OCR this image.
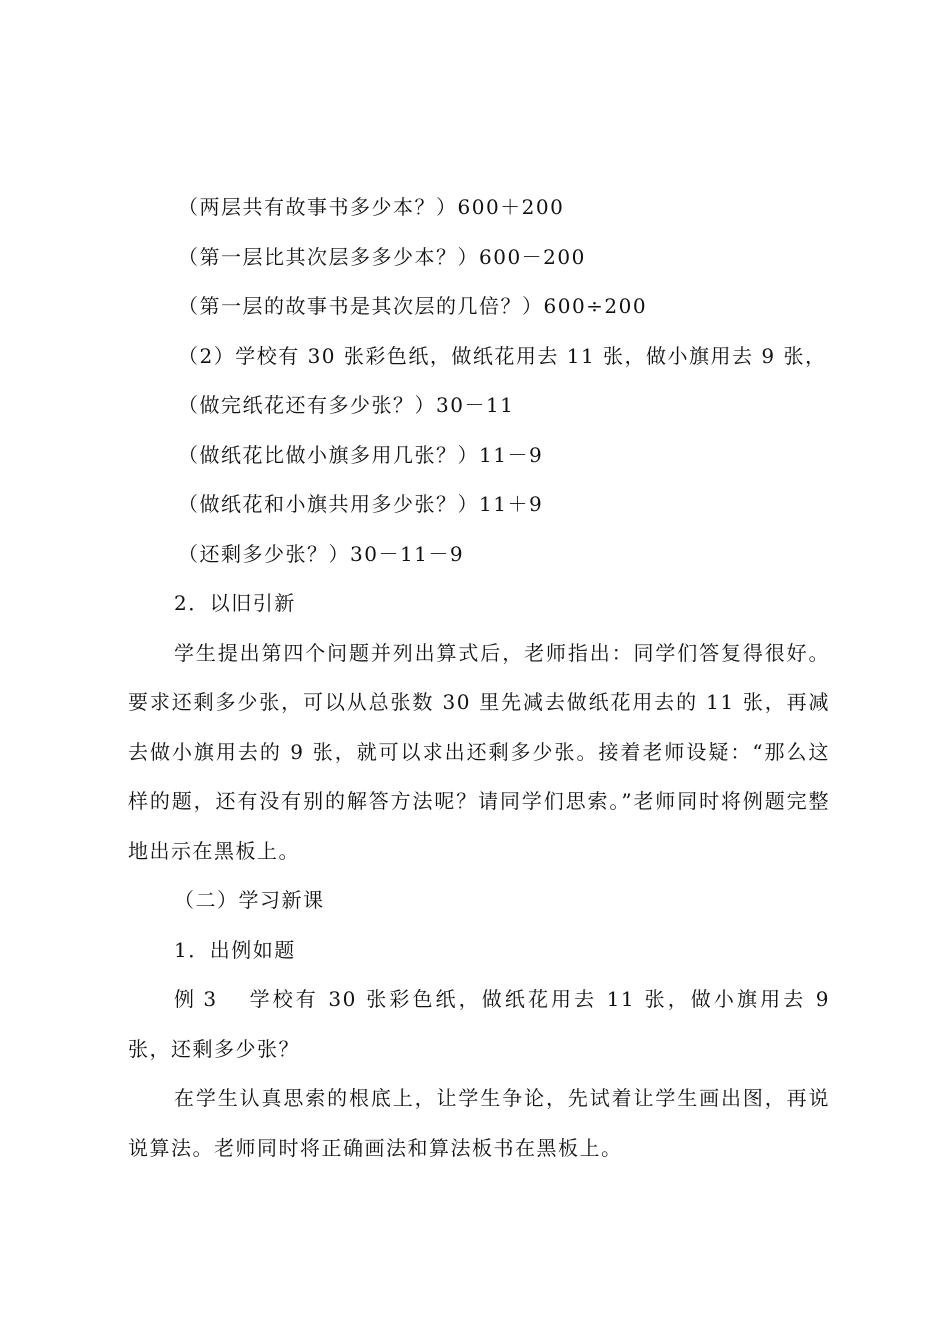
（两层共有故事书多少本？）600＋200
（第一层比其次层多多少本？）600－200
（第一层的故事书是其次层的几倍？）600÷200
（2）学校有 30 张彩色纸，做纸花用去 11 张，做小旗用去 9 张，
（做完纸花还有多少张？）30－11
（做纸花比做小旗多用几张？）11－9
（做纸花和小旗共用多少张？）11＋9
（还剩多少张？）30－11－9
2．以旧引新

学生提出第四个问题并列出算式后，老师指出：同学们答复得很好。要求还剩多少张，可以从总张数 30 里先减去做纸花用去的 11 张，再减去做小旗用去的 9 张，就可以求出还剩多少张。接着老师设疑：“那么这样的题，还有没有别的解答方法呢？请同学们思索。”老师同时将例题完整地出示在黑板上。

（二）学习新课
1．出例如题

例 3 学校有 30 张彩色纸，做纸花用去 11 张，做小旗用去 9 张，还剩多少张？

在学生认真思索的根底上，让学生争论，先试着让学生画出图，再说说算法。老师同时将正确画法和算法板书在黑板上。
